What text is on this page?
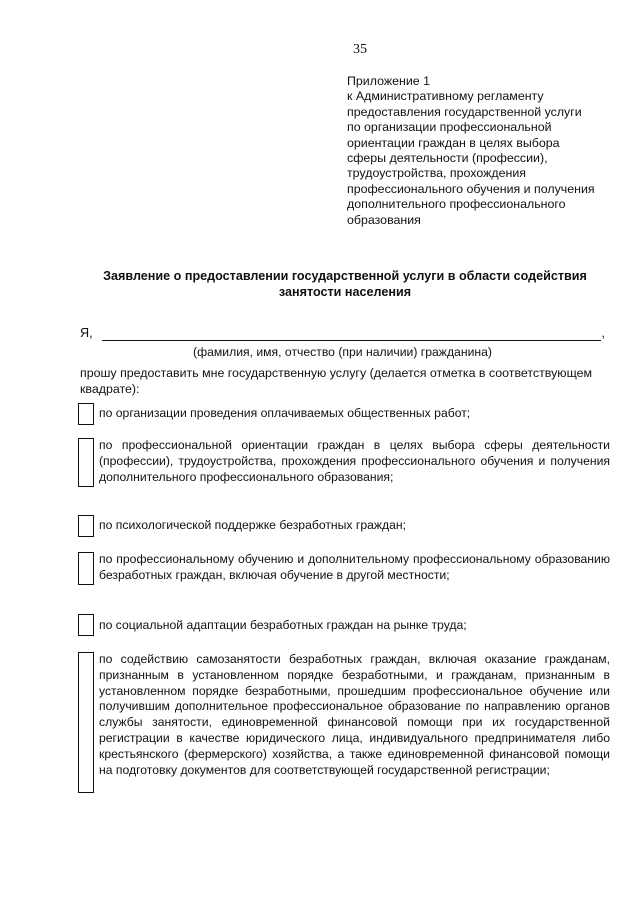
35
Приложение 1
к Административному регламенту
предоставления государственной услуги
по организации профессиональной
ориентации граждан в целях выбора
сферы деятельности (профессии),
трудоустройства, прохождения
профессионального обучения и получения
дополнительного профессионального
образования
Заявление о предоставлении государственной услуги в области содействия
занятости населения
Я,	,
(фамилия, имя, отчество (при наличии) гражданина)
прошу предоставить мне государственную услугу (делается отметка в соответствующем квадрате):
по организации проведения оплачиваемых общественных работ;
по профессиональной ориентации граждан в целях выбора сферы деятельности (профессии), трудоустройства, прохождения профессионального обучения и получения дополнительного профессионального образования;
по психологической поддержке безработных граждан;
по профессиональному обучению и дополнительному профессиональному образованию безработных граждан, включая обучение в другой местности;
по социальной адаптации безработных граждан на рынке труда;
по содействию самозанятости безработных граждан, включая оказание гражданам, признанным в установленном порядке безработными, и гражданам, признанным в установленном порядке безработными, прошедшим профессиональное обучение или получившим дополнительное профессиональное образование по направлению органов службы занятости, единовременной финансовой помощи при их государственной регистрации в качестве юридического лица, индивидуального предпринимателя либо крестьянского (фермерского) хозяйства, а также единовременной финансовой помощи на подготовку документов для соответствующей государственной регистрации;
